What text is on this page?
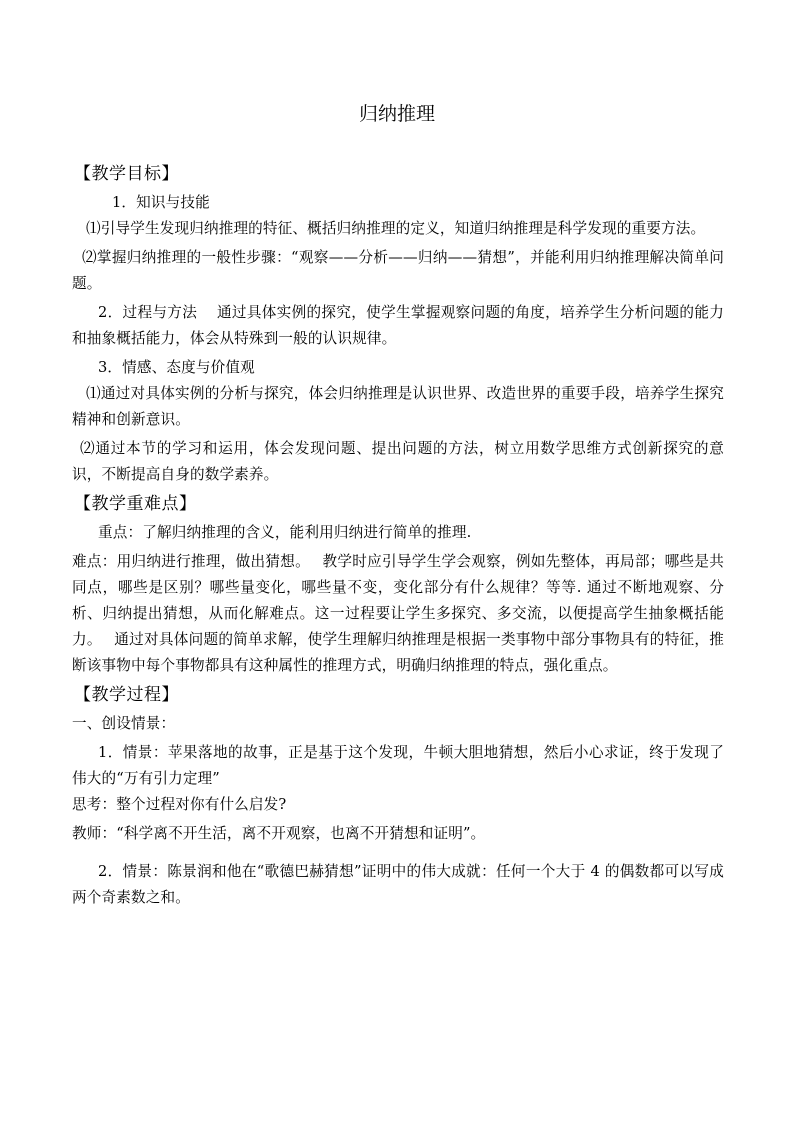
归纳推理
【教学目标】

1．知识与技能

⑴引导学生发现归纳推理的特征、概括归纳推理的定义，知道归纳推理是科学发现的重要方法。

⑵掌握归纳推理的一般性步骤：“观察——分析——归纳——猜想”，并能利用归纳推理解决简单问题。

2．过程与方法　 通过具体实例的探究，使学生掌握观察问题的角度，培养学生分析问题的能力和抽象概括能力，体会从特殊到一般的认识规律。

3．情感、态度与价值观

⑴通过对具体实例的分析与探究，体会归纳推理是认识世界、改造世界的重要手段，培养学生探究精神和创新意识。

⑵通过本节的学习和运用，体会发现问题、提出问题的方法，树立用数学思维方式创新探究的意识，不断提高自身的数学素养。

【教学重难点】

重点：了解归纳推理的含义，能利用归纳进行简单的推理.

难点：用归纳进行推理，做出猜想。　 教学时应引导学生学会观察，例如先整体，再局部；哪些是共同点，哪些是区别？哪些量变化，哪些量不变，变化部分有什么规律？等等. 通过不断地观察、分析、归纳提出猜想，从而化解难点。这一过程要让学生多探究、多交流，以便提高学生抽象概括能力。　 通过对具体问题的简单求解，使学生理解归纳推理是根据一类事物中部分事物具有的特征，推断该事物中每个事物都具有这种属性的推理方式，明确归纳推理的特点，强化重点。

【教学过程】

一、创设情景：

1．情景：苹果落地的故事，正是基于这个发现，牛顿大胆地猜想，然后小心求证，终于发现了伟大的“万有引力定理”

思考：整个过程对你有什么启发?

教师：“科学离不开生活，离不开观察，也离不开猜想和证明”。

2．情景：陈景润和他在“歌德巴赫猜想”证明中的伟大成就：任何一个大于 4 的偶数都可以写成两个奇素数之和。
